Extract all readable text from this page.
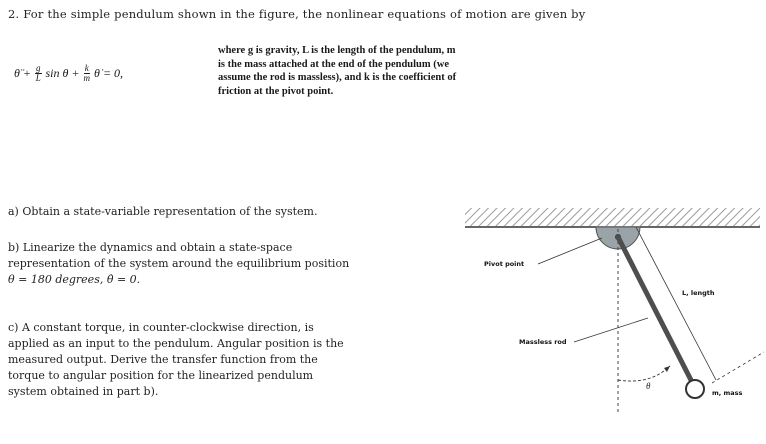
2. For the simple pendulum shown in the figure, the nonlinear equations of motion are given by
θ̈ + $\frac{g}{L}$ $\sin \theta + \frac{k}{m}$ θ̇ = 0,
where g is gravity, L is the length of the pendulum, m
is the mass attached at the end of the pendulum (we
assume the rod is massless), and k is the coefficient of
friction at the pivot point.
a) Obtain a state-variable representation of the system.
b) Linearize the dynamics and obtain a state-space
representation of the system around the equilibrium position
θ = 180 degrees, θ̇ = 0.
c) A constant torque, in counter-clockwise direction, is
applied as an input to the pendulum. Angular position is the
measured output. Derive the transfer function from the
torque to angular position for the linearized pendulum
system obtained in part b).
Pivot point
Massless rod
L, length
m, mass
θ
